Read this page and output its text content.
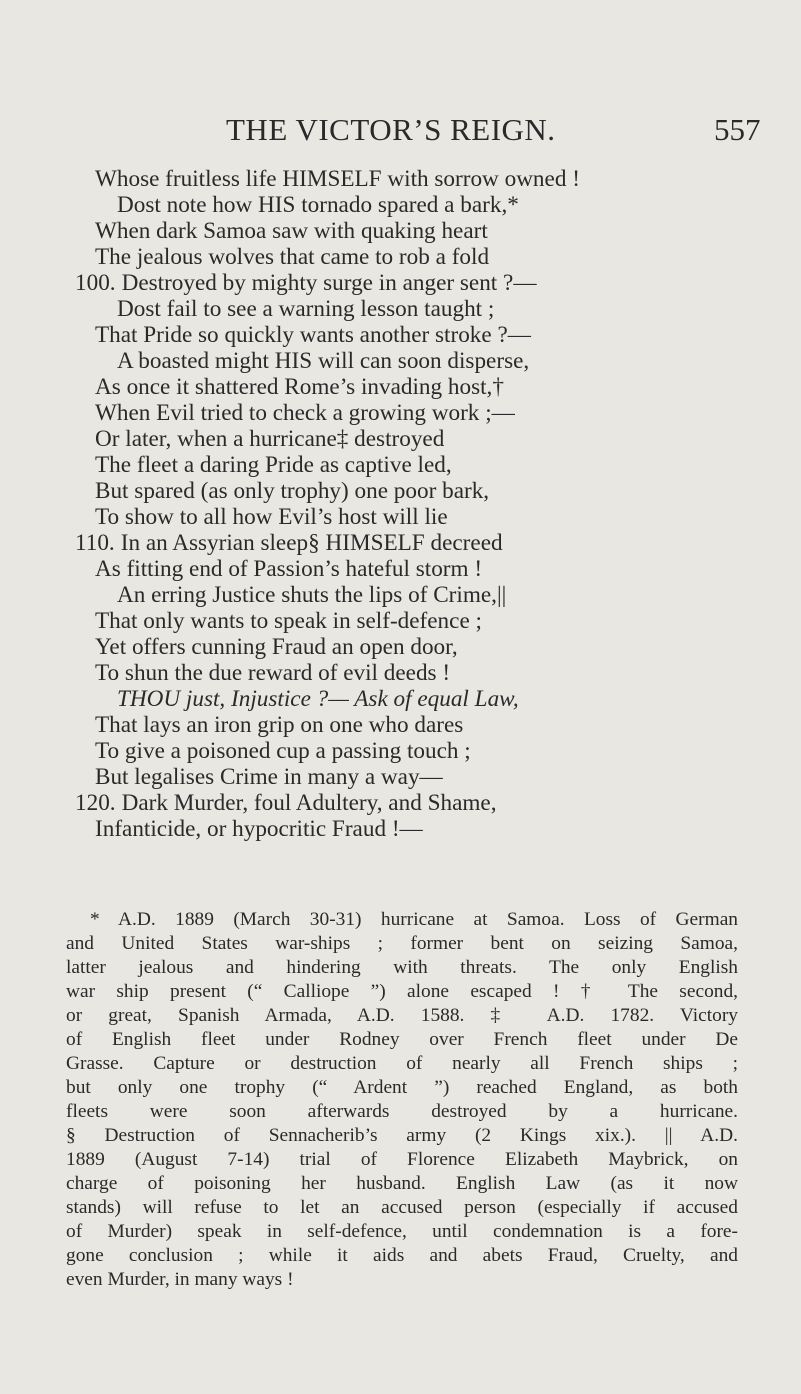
THE VICTOR’S REIGN.	557
Whose fruitless life HIMSELF with sorrow owned !
Dost note how HIS tornado spared a bark,*
When dark Samoa saw with quaking heart
The jealous wolves that came to rob a fold
100. Destroyed by mighty surge in anger sent ?—
Dost fail to see a warning lesson taught ;
That Pride so quickly wants another stroke ?—
A boasted might HIS will can soon disperse,
As once it shattered Rome’s invading host,†
When Evil tried to check a growing work ;—
Or later, when a hurricane‡ destroyed
The fleet a daring Pride as captive led,
But spared (as only trophy) one poor bark,
To show to all how Evil’s host will lie
110. In an Assyrian sleep§ HIMSELF decreed
As fitting end of Passion’s hateful storm !
An erring Justice shuts the lips of Crime,||
That only wants to speak in self-defence ;
Yet offers cunning Fraud an open door,
To shun the due reward of evil deeds !
THOU just, Injustice ?— Ask of equal Law,
That lays an iron grip on one who dares
To give a poisoned cup a passing touch ;
But legalises Crime in many a way—
120. Dark Murder, foul Adultery, and Shame,
Infanticide, or hypocritic Fraud !—
* A.D. 1889 (March 30-31) hurricane at Samoa. Loss of German
and United States war-ships ; former bent on seizing Samoa,
latter jealous and hindering with threats. The only English
war ship present (“ Calliope ”) alone escaped ! † The second,
or great, Spanish Armada, A.D. 1588. ‡ A.D. 1782. Victory
of English fleet under Rodney over French fleet under De
Grasse. Capture or destruction of nearly all French ships ;
but only one trophy (“ Ardent ”) reached England, as both
fleets were soon afterwards destroyed by a hurricane.
§ Destruction of Sennacherib’s army (2 Kings xix.). || A.D.
1889 (August 7-14) trial of Florence Elizabeth Maybrick, on
charge of poisoning her husband. English Law (as it now
stands) will refuse to let an accused person (especially if accused
of Murder) speak in self-defence, until condemnation is a fore-
gone conclusion ; while it aids and abets Fraud, Cruelty, and
even Murder, in many ways !
